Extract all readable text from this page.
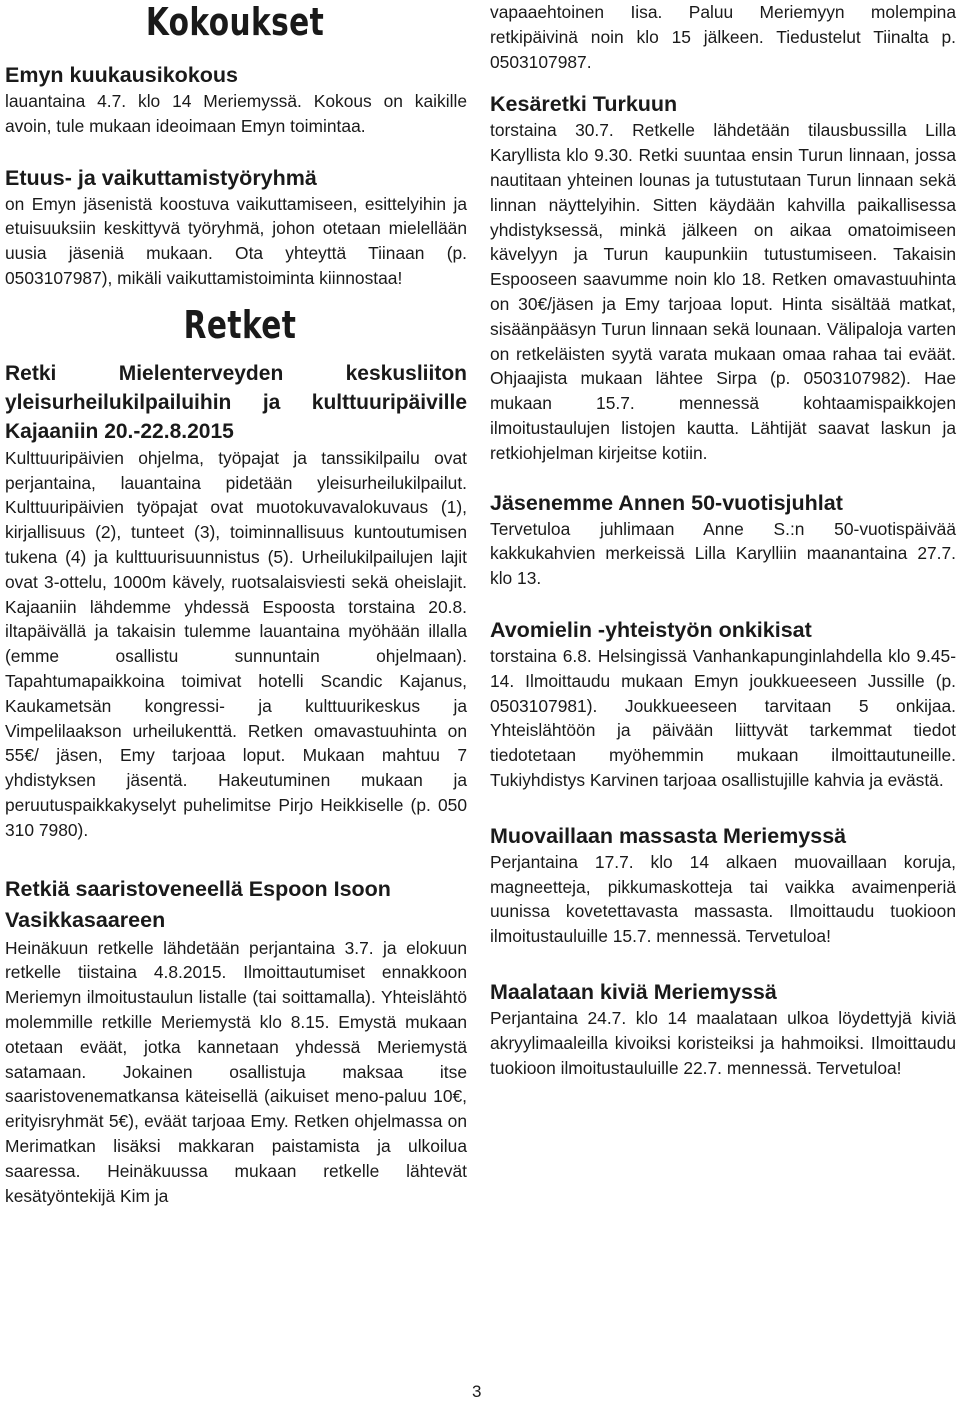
Kokoukset
Emyn kuukausikokous

lauantaina 4.7. klo 14 Meriemyssä. Kokous on kaikille avoin, tule mukaan ideoimaan Emyn toimintaa.

Etuus- ja vaikuttamistyöryhmä

on Emyn jäsenistä koostuva vaikuttamiseen, esittelyihin ja etuisuuksiin keskittyvä työryhmä, johon otetaan mielellään uusia jäseniä mukaan. Ota yhteyttä Tiinaan (p. 0503107987), mikäli vaikuttamistoiminta kiinnostaa!

Retket
Retki Mielenterveyden keskusliiton yleisurheilukilpailuihin ja kulttuuripäiville Kajaaniin 20.-22.8.2015

Kulttuuripäivien ohjelma, työpajat ja tanssikilpailu ovat perjantaina, lauantaina pidetään yleisurheilukilpailut. Kulttuuripäivien työpajat ovat muotokuvavalokuvaus (1), kirjallisuus (2), tunteet (3), toiminnallisuus kuntoutumisen tukena (4) ja kulttuurisuunnistus (5). Urheilukilpailujen lajit ovat 3-ottelu, 1000m kävely, ruotsalaisviesti sekä oheislajit. Kajaaniin lähdemme yhdessä Espoosta torstaina 20.8. iltapäivällä ja takaisin tulemme lauantaina myöhään illalla (emme osallistu sunnuntain ohjelmaan). Tapahtumapaikkoina toimivat hotelli Scandic Kajanus, Kaukametsän kongressi- ja kulttuurikeskus ja Vimpelilaakson urheilukenttä. Retken omavastuuhinta on 55€/ jäsen, Emy tarjoaa loput. Mukaan mahtuu 7 yhdistyksen jäsentä. Hakeutuminen mukaan ja peruutuspaikkakyselyt puhelimitse Pirjo Heikkiselle (p. 050 310 7980).

Retkiä saaristoveneellä Espoon Isoon Vasikkasaareen

Heinäkuun retkelle lähdetään perjantaina 3.7. ja elokuun retkelle tiistaina 4.8.2015. Ilmoittautumiset ennakkoon Meriemyn ilmoitustaulun listalle (tai soittamalla). Yhteislähtö molemmille retkille Meriemystä klo 8.15. Emystä mukaan otetaan eväät, jotka kannetaan yhdessä Meriemystä satamaan. Jokainen osallistuja maksaa itse saaristovenematkansa käteisellä (aikuiset meno-paluu 10€, erityisryhmät 5€), eväät tarjoaa Emy. Retken ohjelmassa on Merimatkan lisäksi makkaran paistamista ja ulkoilua saaressa. Heinäkuussa mukaan retkelle lähtevät kesätyöntekijä Kim ja

3

vapaaehtoinen Iisa. Paluu Meriemyyn molempina retkipäivinä noin klo 15 jälkeen. Tiedustelut Tiinalta p. 0503107987.

Kesäretki Turkuun

torstaina 30.7. Retkelle lähdetään tilausbussilla Lilla Karyllista klo 9.30. Retki suuntaa ensin Turun linnaan, jossa nautitaan yhteinen lounas ja tutustutaan Turun linnaan sekä linnan näyttelyihin. Sitten käydään kahvilla paikallisessa yhdistyksessä, minkä jälkeen on aikaa omatoimiseen kävelyyn ja Turun kaupunkiin tutustumiseen. Takaisin Espooseen saavumme noin klo 18. Retken omavastuuhinta on 30€/jäsen ja Emy tarjoaa loput. Hinta sisältää matkat, sisäänpääsyn Turun linnaan sekä lounaan. Välipaloja varten on retkeläisten syytä varata mukaan omaa rahaa tai eväät. Ohjaajista mukaan lähtee Sirpa (p. 0503107982). Hae mukaan 15.7. mennessä kohtaamispaikkojen ilmoitustaulujen listojen kautta. Lähtijät saavat laskun ja retkiohjelman kirjeitse kotiin.

Jäsenemme Annen 50-vuotisjuhlat

Tervetuloa juhlimaan Anne S.:n 50-vuotispäivää kakkukahvien merkeissä Lilla Karylliin maanantaina 27.7. klo 13.

Avomielin -yhteistyön onkikisat

torstaina 6.8. Helsingissä Vanhankapunginlahdella klo 9.45-14. Ilmoittaudu mukaan Emyn joukkueeseen Jussille (p. 0503107981). Joukkueeseen tarvitaan 5 onkijaa. Yhteislähtöön ja päivään liittyvät tarkemmat tiedot tiedotetaan myöhemmin mukaan ilmoittautuneille. Tukiyhdistys Karvinen tarjoaa osallistujille kahvia ja evästä.

Muovaillaan massasta Meriemyssä

Perjantaina 17.7. klo 14 alkaen muovaillaan koruja, magneetteja, pikkumaskotteja tai vaikka avaimenperiä uunissa kovetettavasta massasta. Ilmoittaudu tuokioon ilmoitustauluille 15.7. mennessä. Tervetuloa!

Maalataan kiviä Meriemyssä

Perjantaina 24.7. klo 14 maalataan ulkoa löydettyjä kiviä akryylimaaleilla kivoiksi koristeiksi ja hahmoiksi. Ilmoittaudu tuokioon ilmoitustauluille 22.7. mennessä. Tervetuloa!
